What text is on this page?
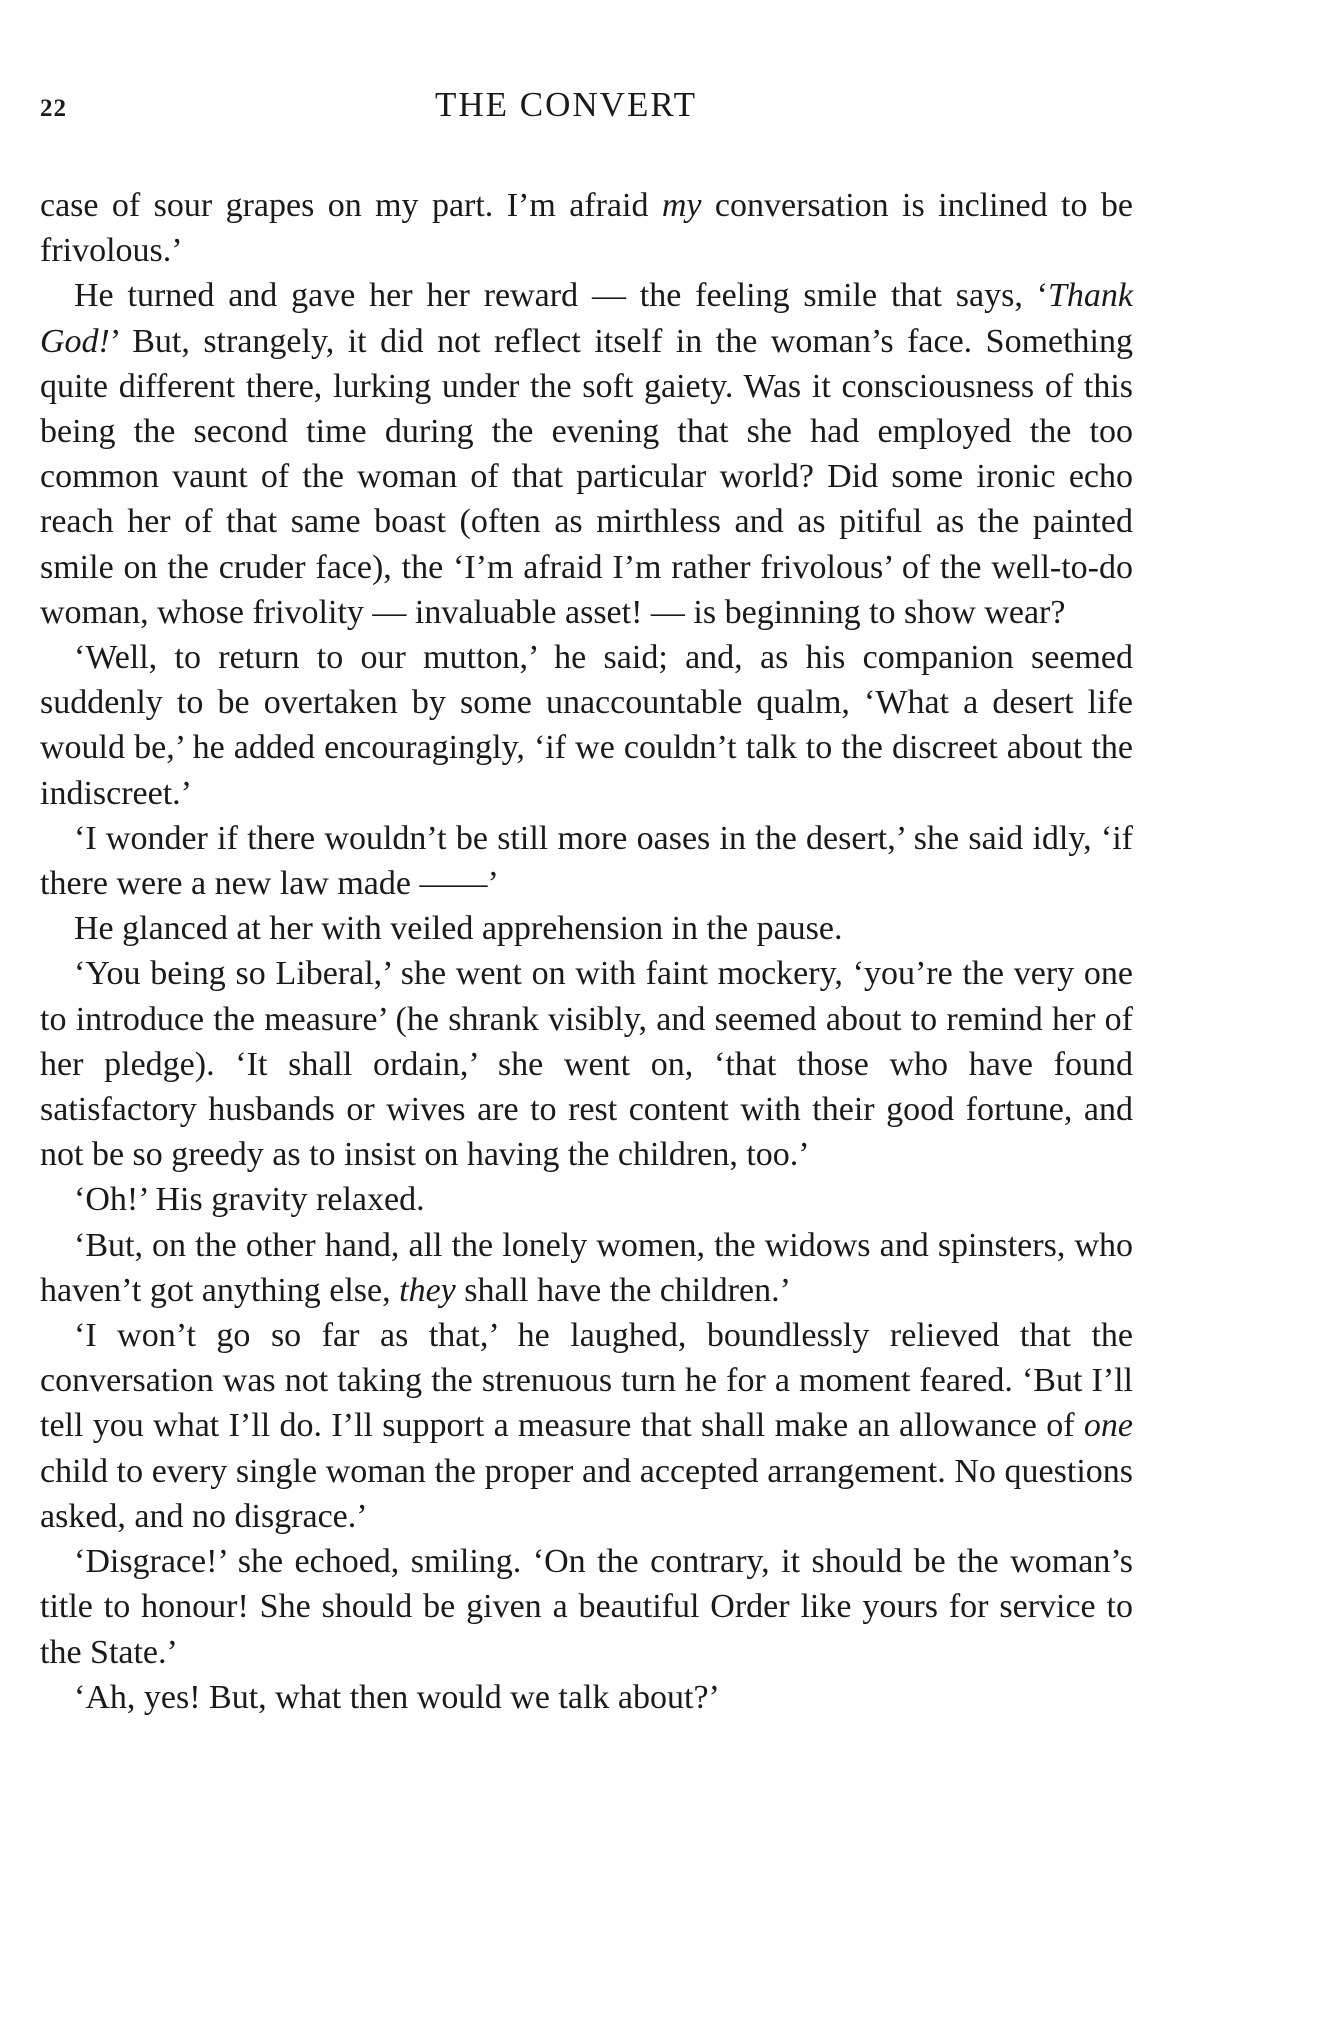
22	THE CONVERT

case of sour grapes on my part. I’m afraid my conversation is inclined to be frivolous.’

He turned and gave her her reward — the feeling smile that says, ‘Thank God!’ But, strangely, it did not reflect itself in the woman’s face. Something quite different there, lurking under the soft gaiety. Was it consciousness of this being the second time during the evening that she had employed the too common vaunt of the woman of that particular world? Did some ironic echo reach her of that same boast (often as mirthless and as pitiful as the painted smile on the cruder face), the ‘I’m afraid I’m rather frivolous’ of the well-to-do woman, whose frivolity — invaluable asset! — is beginning to show wear?

‘Well, to return to our mutton,’ he said; and, as his companion seemed suddenly to be overtaken by some unaccountable qualm, ‘What a desert life would be,’ he added encouragingly, ‘if we couldn’t talk to the discreet about the indiscreet.’

‘I wonder if there wouldn’t be still more oases in the desert,’ she said idly, ‘if there were a new law made ——’

He glanced at her with veiled apprehension in the pause.

‘You being so Liberal,’ she went on with faint mockery, ‘you’re the very one to introduce the measure’ (he shrank visibly, and seemed about to remind her of her pledge). ‘It shall ordain,’ she went on, ‘that those who have found satisfactory husbands or wives are to rest content with their good fortune, and not be so greedy as to insist on having the children, too.’

‘Oh!’ His gravity relaxed.

‘But, on the other hand, all the lonely women, the widows and spinsters, who haven’t got anything else, they shall have the children.’

‘I won’t go so far as that,’ he laughed, boundlessly relieved that the conversation was not taking the strenuous turn he for a moment feared. ‘But I’ll tell you what I’ll do. I’ll support a measure that shall make an allowance of one child to every single woman the proper and accepted arrangement. No questions asked, and no disgrace.’

‘Disgrace!’ she echoed, smiling. ‘On the contrary, it should be the woman’s title to honour! She should be given a beautiful Order like yours for service to the State.’

‘Ah, yes! But, what then would we talk about?’
